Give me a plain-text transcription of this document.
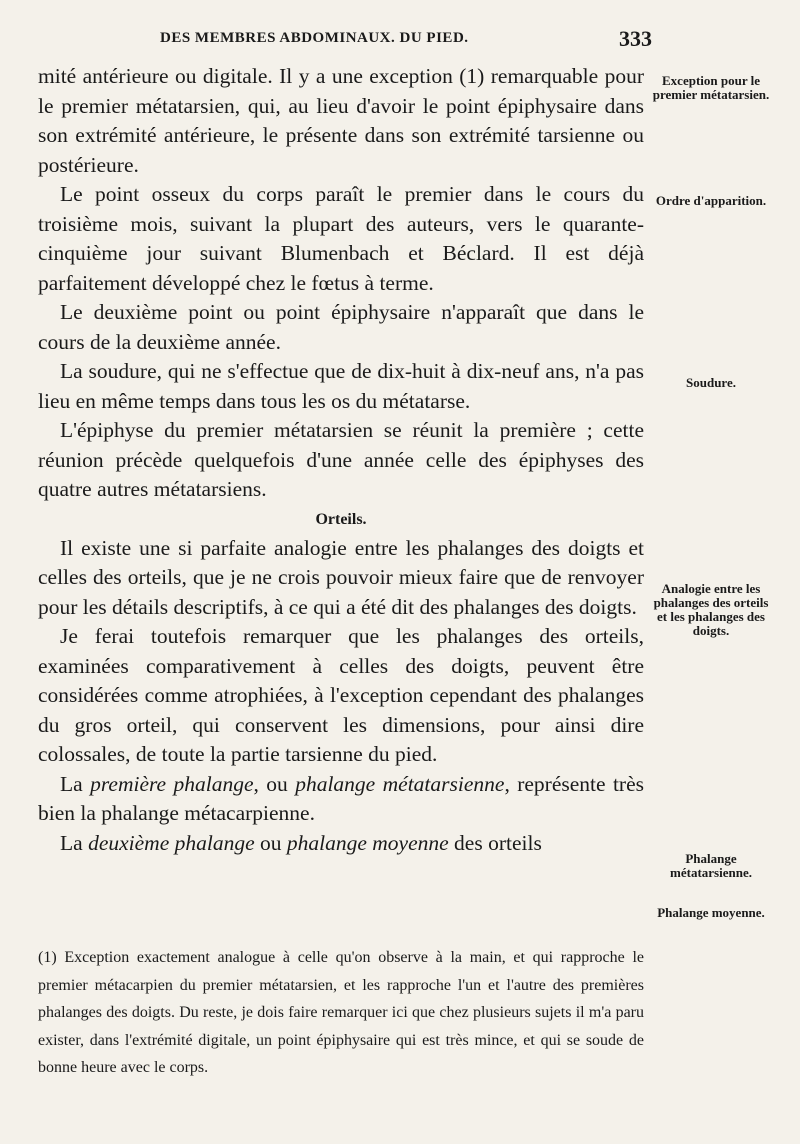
DES MEMBRES ABDOMINAUX. DU PIED.	333

mité antérieure ou digitale. Il y a une exception (1) remarquable pour le premier métatarsien, qui, au lieu d'avoir le point épiphysaire dans son extrémité antérieure, le présente dans son extrémité tarsienne ou postérieure.

Le point osseux du corps paraît le premier dans le cours du troisième mois, suivant la plupart des auteurs, vers le quarante-cinquième jour suivant Blumenbach et Béclard. Il est déjà parfaitement développé chez le fœtus à terme.

Le deuxième point ou point épiphysaire n'apparaît que dans le cours de la deuxième année.

La soudure, qui ne s'effectue que de dix-huit à dix-neuf ans, n'a pas lieu en même temps dans tous les os du métatarse.

L'épiphyse du premier métatarsien se réunit la première ; cette réunion précède quelquefois d'une année celle des épiphyses des quatre autres métatarsiens.

Orteils.

Il existe une si parfaite analogie entre les phalanges des doigts et celles des orteils, que je ne crois pouvoir mieux faire que de renvoyer pour les détails descriptifs, à ce qui a été dit des phalanges des doigts.

Je ferai toutefois remarquer que les phalanges des orteils, examinées comparativement à celles des doigts, peuvent être considérées comme atrophiées, à l'exception cependant des phalanges du gros orteil, qui conservent les dimensions, pour ainsi dire colossales, de toute la partie tarsienne du pied.

La première phalange, ou phalange métatarsienne, représente très bien la phalange métacarpienne.

La deuxième phalange ou phalange moyenne des orteils

Exception pour le premier métatarsien.
Ordre d'apparition.
Soudure.
Analogie entre les phalanges des orteils et les phalanges des doigts.
Phalange métatarsienne.
Phalange moyenne.

(1) Exception exactement analogue à celle qu'on observe à la main, et qui rapproche le premier métacarpien du premier métatarsien, et les rapproche l'un et l'autre des premières phalanges des doigts. Du reste, je dois faire remarquer ici que chez plusieurs sujets il m'a paru exister, dans l'extrémité digitale, un point épiphysaire qui est très mince, et qui se soude de bonne heure avec le corps.
